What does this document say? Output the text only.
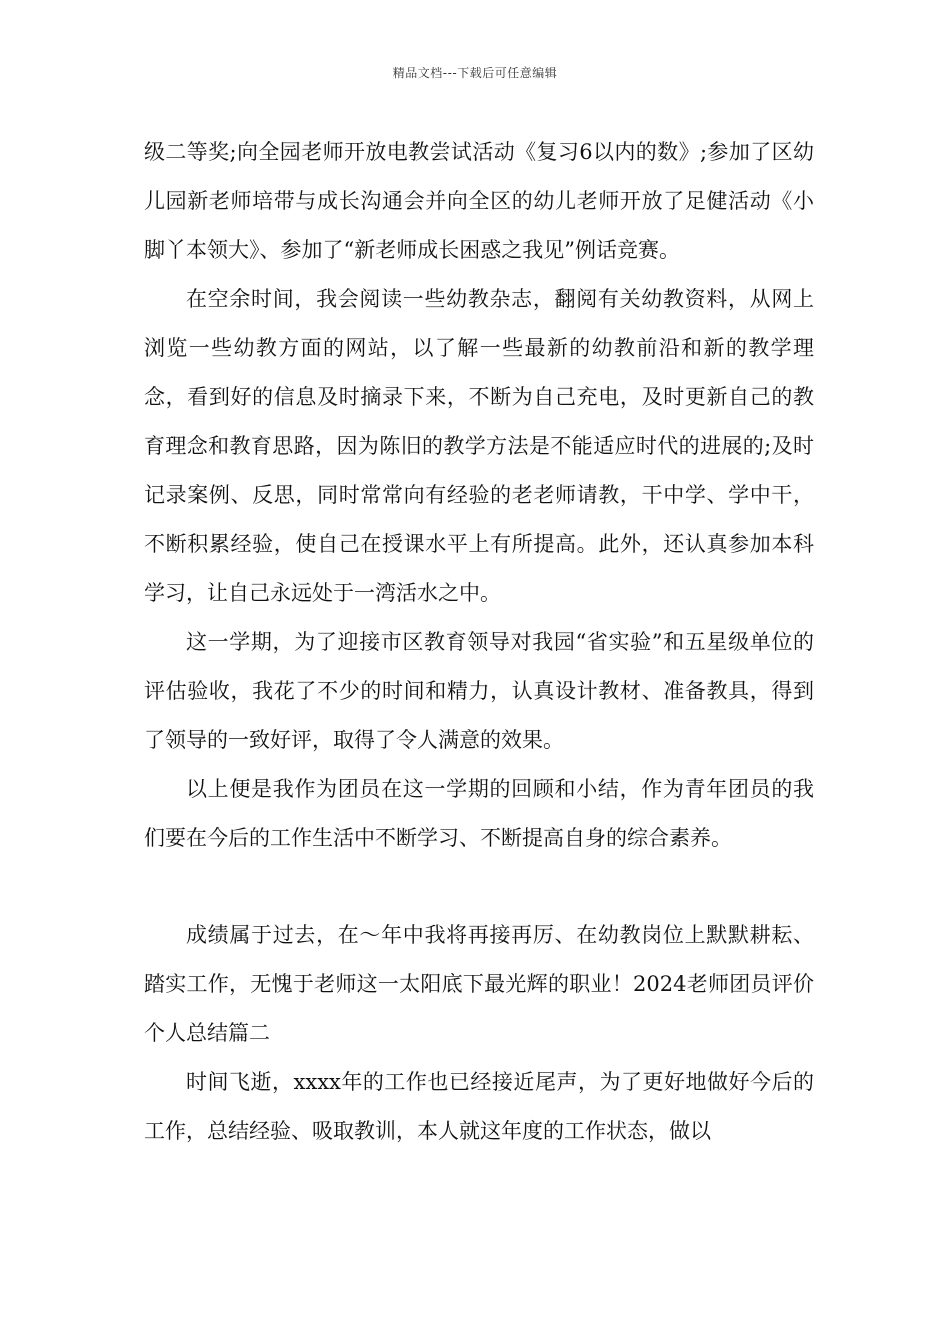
精品文档---下载后可任意编辑

级二等奖;向全园老师开放电教尝试活动《复习6以内的数》;参加了区幼儿园新老师培带与成长沟通会并向全区的幼儿老师开放了足健活动《小脚丫本领大》、参加了“新老师成长困惑之我见”例话竞赛。

在空余时间，我会阅读一些幼教杂志，翻阅有关幼教资料，从网上浏览一些幼教方面的网站，以了解一些最新的幼教前沿和新的教学理念，看到好的信息及时摘录下来，不断为自己充电，及时更新自己的教育理念和教育思路，因为陈旧的教学方法是不能适应时代的进展的;及时记录案例、反思，同时常常向有经验的老老师请教，干中学、学中干，不断积累经验，使自己在授课水平上有所提高。此外，还认真参加本科学习，让自己永远处于一湾活水之中。

这一学期，为了迎接市区教育领导对我园“省实验”和五星级单位的评估验收，我花了不少的时间和精力，认真设计教材、准备教具，得到了领导的一致好评，取得了令人满意的效果。

以上便是我作为团员在这一学期的回顾和小结，作为青年团员的我们要在今后的工作生活中不断学习、不断提高自身的综合素养。

成绩属于过去，在～年中我将再接再厉、在幼教岗位上默默耕耘、踏实工作，无愧于老师这一太阳底下最光辉的职业！2024老师团员评价个人总结篇二

时间飞逝，xxxx年的工作也已经接近尾声，为了更好地做好今后的工作，总结经验、吸取教训，本人就这年度的工作状态，做以
